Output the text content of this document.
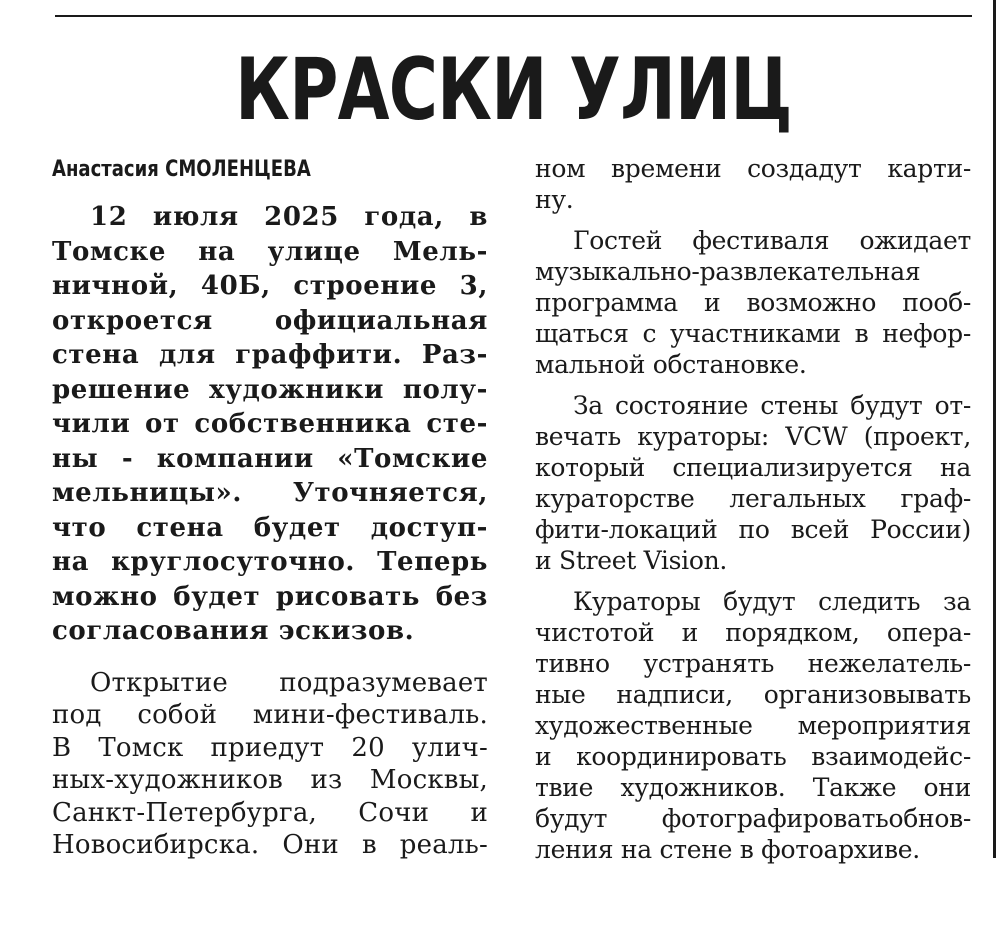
КРАСКИ УЛИЦ
Анастасия СМОЛЕНЦЕВА

12 июля 2025 года, в
Томске на улице Мель-
ничной, 40Б, строение 3,
откроется официальная
стена для граффити. Раз-
решение художники полу-
чили от собственника сте-
ны - компании «Томские
мельницы». Уточняется,
что стена будет доступ-
на круглосуточно. Теперь
можно будет рисовать без
согласования эскизов.

Открытие подразумевает
под собой мини-фестиваль.
В Томск приедут 20 улич-
ных-художников из Москвы,
Санкт-Петербурга, Сочи и
Новосибирска. Они в реаль-

ном времени создадут карти-
ну.

Гостей фестиваля ожидает
музыкально-развлекательная
программа и возможно пооб-
щаться с участниками в нефор-
мальной обстановке.

За состояние стены будут от-
вечать кураторы: VCW (проект,
который специализируется на
кураторстве легальных граф-
фити-локаций по всей России)
и Street Vision.

Кураторы будут следить за
чистотой и порядком, опера-
тивно устранять нежелатель-
ные надписи, организовывать
художественные мероприятия
и координировать взаимодейс-
твие художников. Также они
будут фотографироватьобнов-
ления на стене в фотоархиве.
